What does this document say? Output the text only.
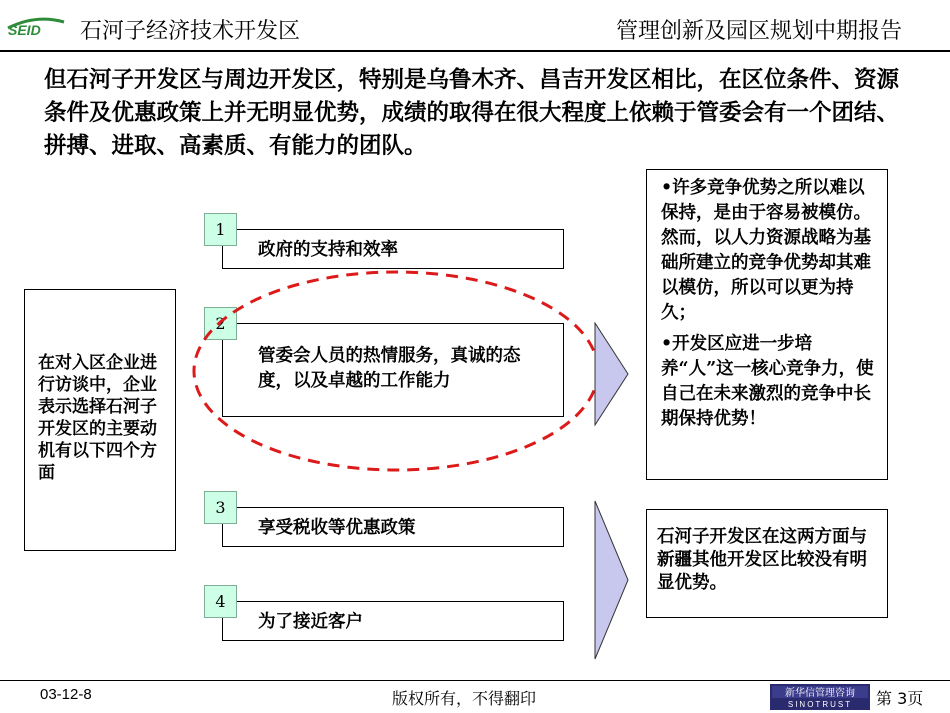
SEID 石河子经济技术开发区	管理创新及园区规划中期报告
但石河子开发区与周边开发区，特别是乌鲁木齐、昌吉开发区相比，在区位条件、资源条件及优惠政策上并无明显优势，成绩的取得在很大程度上依赖于管委会有一个团结、拼搏、进取、高素质、有能力的团队。
在对入区企业进行访谈中，企业表示选择石河子开发区的主要动机有以下四个方面
政府的支持和效率
1
管委会人员的热情服务，真诚的态度，以及卓越的工作能力
2
享受税收等优惠政策
3
为了接近客户
4

•许多竞争优势之所以难以保持，是由于容易被模仿。然而，以人力资源战略为基础所建立的竞争优势却其难以模仿，所以可以更为持久；

•开发区应进一步培养“人”这一核心竞争力，使自己在未来激烈的竞争中长期保持优势！

石河子开发区在这两方面与新疆其他开发区比较没有明显优势。
03-12-8	版权所有，不得翻印	新华信管理咨询
SINOTRUST 第 3页
